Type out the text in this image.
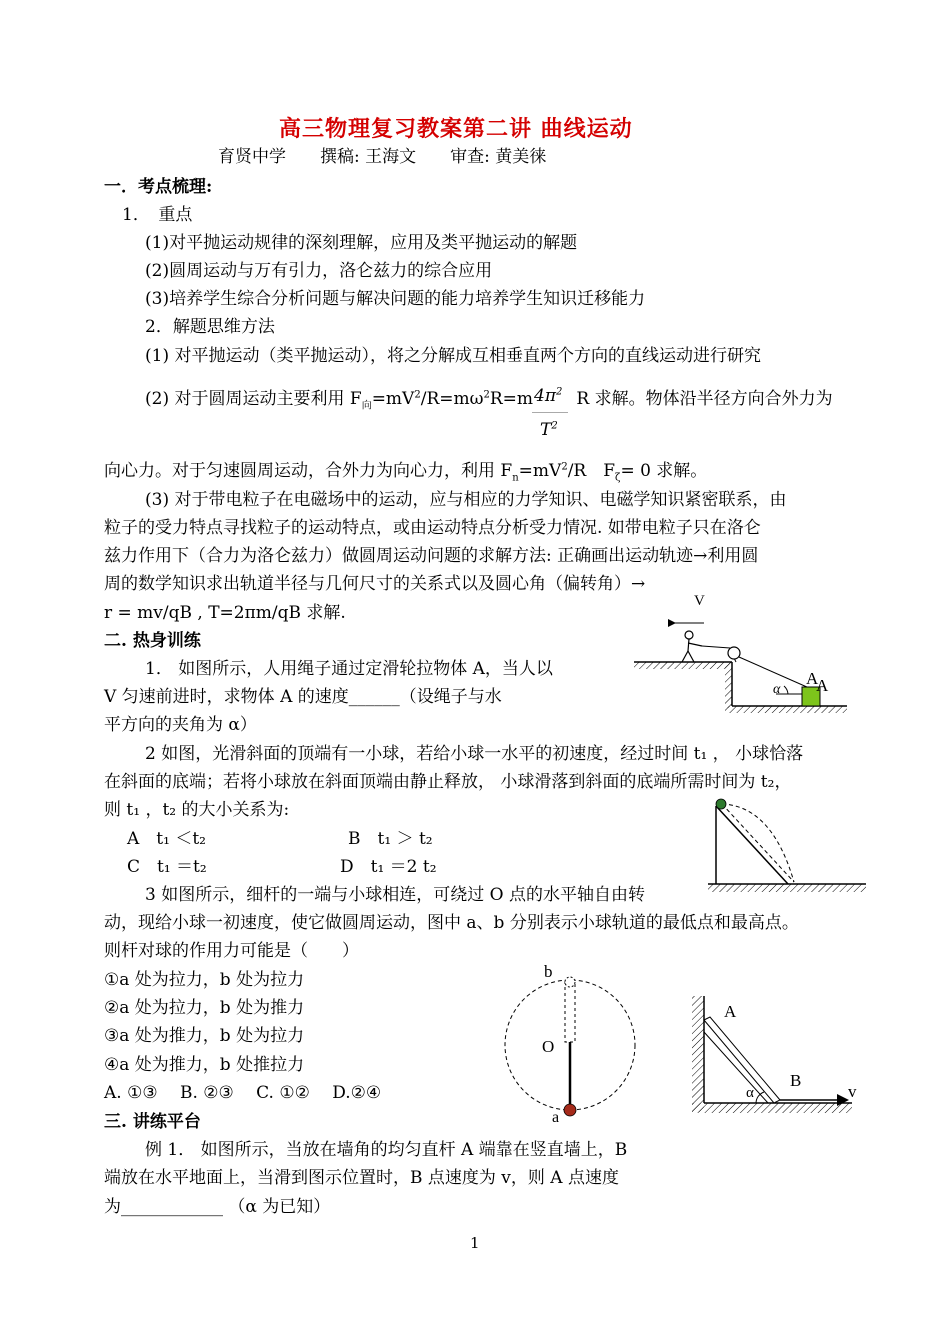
高三物理复习教案第二讲 曲线运动
育贤中学　　撰稿: 王海文　　审查: 黄美徕
一．考点梳理:
1．　重点
(1)对平抛运动规律的深刻理解，应用及类平抛运动的解题
(2)圆周运动与万有引力，洛仑兹力的综合应用
(3)培养学生综合分析问题与解决问题的能力培养学生知识迁移能力
2．解题思维方法
(1) 对平抛运动（类平抛运动），将之分解成互相垂直两个方向的直线运动进行研究
(2) 对于圆周运动主要利用 $F_向=mV^2/R=m\omega^2R=m$ R 求解。物体沿半径方向合外力为
$4\pi^2$
$T^2$
向心力。对于匀速圆周运动，合外力为向心力，利用 $F_n=mV^2/R$　$F_\zeta= 0$ 求解。
(3) 对于带电粒子在电磁场中的运动，应与相应的力学知识、电磁学知识紧密联系，由
粒子的受力特点寻找粒子的运动特点，或由运动特点分析受力情况. 如带电粒子只在洛仑
兹力作用下（合力为洛仑兹力）做圆周运动问题的求解方法: 正确画出运动轨迹→利用圆
周的数学知识求出轨道半径与几何尺寸的关系式以及圆心角（偏转角）→
r = mv/qB , T=2πm/qB 求解.
二. 热身训练
1． 如图所示，人用绳子通过定滑轮拉物体 A，当人以
V 匀速前进时，求物体 A 的速度______（设绳子与水
平方向的夹角为 α）
2 如图，光滑斜面的顶端有一小球，若给小球一水平的初速度，经过时间 t₁ ， 小球恰落
在斜面的底端；若将小球放在斜面顶端由静止释放， 小球滑落到斜面的底端所需时间为 t₂，
则 t₁ ，t₂ 的大小关系为:
A　t₁ ＜t₂	B　t₁ ＞ t₂
C　t₁ ＝t₂	D　t₁ ＝2 t₂
3 如图所示，细杆的一端与小球相连，可绕过 O 点的水平轴自由转
动，现给小球一初速度，使它做圆周运动，图中 a、b 分别表示小球轨道的最低点和最高点。
则杆对球的作用力可能是（　　）
①a 处为拉力，b 处为拉力
②a 处为拉力，b 处为推力
③a 处为推力，b 处为拉力
④a 处为推力，b 处推拉力
A. ①③　 B. ②③　 C. ①②　 D.②④
三. 讲练平台
例 1． 如图所示，当放在墙角的均匀直杆 A 端靠在竖直墙上，B
端放在水平地面上，当滑到图示位置时，B 点速度为 v，则 A 点速度
为____________ （α 为已知）
1
V
A
A
α
b
O
a
A
B
α	v
